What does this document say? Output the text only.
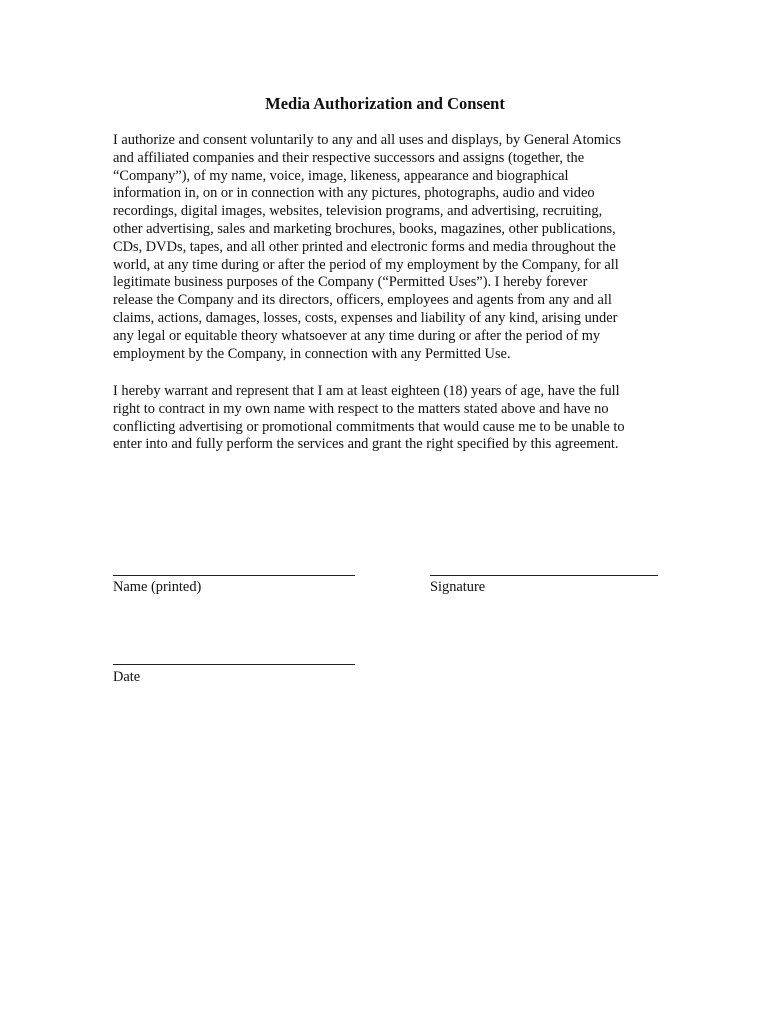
Media Authorization and Consent

I authorize and consent voluntarily to any and all uses and displays, by General Atomics
and affiliated companies and their respective successors and assigns (together, the
“Company”), of my name, voice, image, likeness, appearance and biographical
information in, on or in connection with any pictures, photographs, audio and video
recordings, digital images, websites, television programs, and advertising, recruiting,
other advertising, sales and marketing brochures, books, magazines, other publications,
CDs, DVDs, tapes, and all other printed and electronic forms and media throughout the
world, at any time during or after the period of my employment by the Company, for all
legitimate business purposes of the Company (“Permitted Uses”). I hereby forever
release the Company and its directors, officers, employees and agents from any and all
claims, actions, damages, losses, costs, expenses and liability of any kind, arising under
any legal or equitable theory whatsoever at any time during or after the period of my
employment by the Company, in connection with any Permitted Use.

I hereby warrant and represent that I am at least eighteen (18) years of age, have the full
right to contract in my own name with respect to the matters stated above and have no
conflicting advertising or promotional commitments that would cause me to be unable to
enter into and fully perform the services and grant the right specified by this agreement.

Name (printed)	Signature

Date
